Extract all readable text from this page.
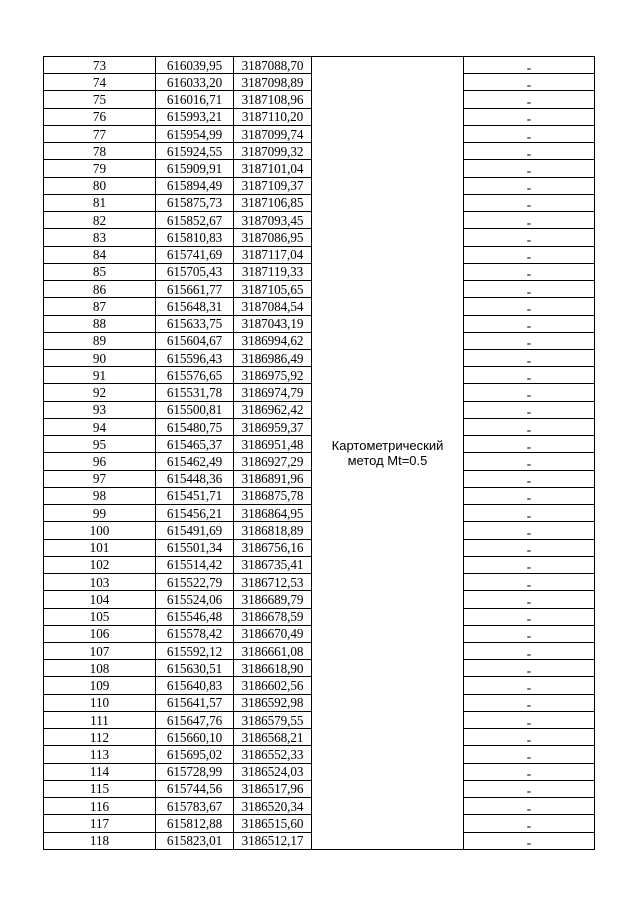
73	616039,95	3187088,70	Картометрический
метод Mt=0.5	-
74	616033,20	3187098,89		-
75	616016,71	3187108,96		-
76	615993,21	3187110,20		-
77	615954,99	3187099,74		-
78	615924,55	3187099,32		-
79	615909,91	3187101,04		-
80	615894,49	3187109,37		-
81	615875,73	3187106,85		-
82	615852,67	3187093,45		-
83	615810,83	3187086,95		-
84	615741,69	3187117,04		-
85	615705,43	3187119,33		-
86	615661,77	3187105,65		-
87	615648,31	3187084,54		-
88	615633,75	3187043,19		-
89	615604,67	3186994,62		-
90	615596,43	3186986,49		-
91	615576,65	3186975,92		-
92	615531,78	3186974,79		-
93	615500,81	3186962,42		-
94	615480,75	3186959,37		-
95	615465,37	3186951,48		-
96	615462,49	3186927,29		-
97	615448,36	3186891,96		-
98	615451,71	3186875,78		-
99	615456,21	3186864,95		-
100	615491,69	3186818,89		-
101	615501,34	3186756,16		-
102	615514,42	3186735,41		-
103	615522,79	3186712,53		-
104	615524,06	3186689,79		-
105	615546,48	3186678,59		-
106	615578,42	3186670,49		-
107	615592,12	3186661,08		-
108	615630,51	3186618,90		-
109	615640,83	3186602,56		-
110	615641,57	3186592,98		-
111	615647,76	3186579,55		-
112	615660,10	3186568,21		-
113	615695,02	3186552,33		-
114	615728,99	3186524,03		-
115	615744,56	3186517,96		-
116	615783,67	3186520,34		-
117	615812,88	3186515,60		-
118	615823,01	3186512,17		-
